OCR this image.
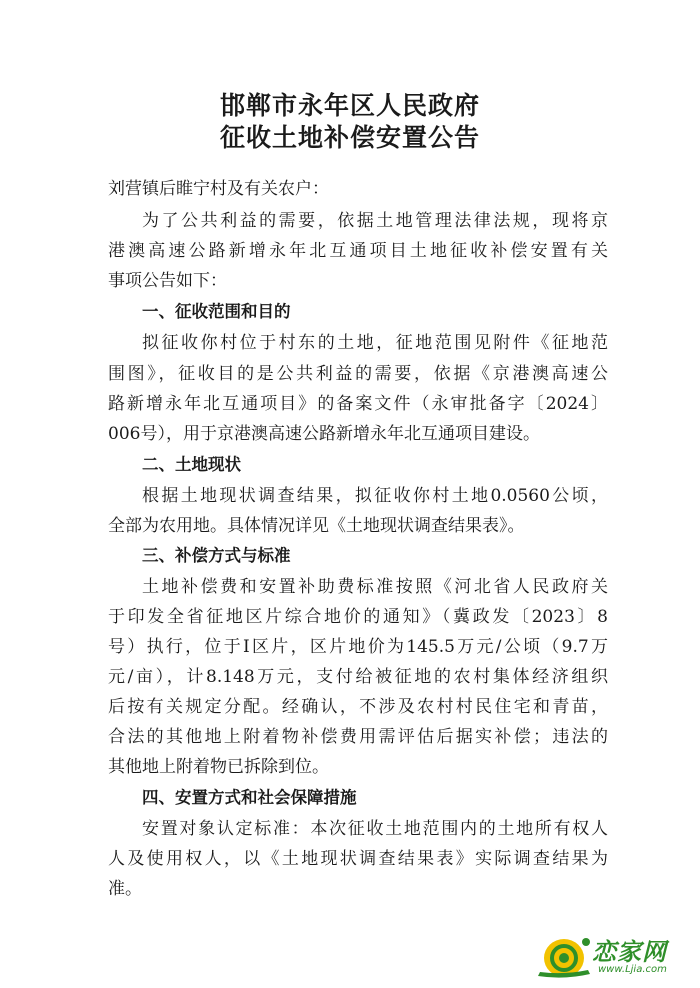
邯郸市永年区人民政府
征收土地补偿安置公告
刘营镇后睢宁村及有关农户：
为了公共利益的需要，依据土地管理法律法规，现将京
港澳高速公路新增永年北互通项目土地征收补偿安置有关
事项公告如下：
一、征收范围和目的
拟征收你村位于村东的土地，征地范围见附件《征地范
围图》，征收目的是公共利益的需要，依据《京港澳高速公
路新增永年北互通项目》的备案文件（永审批备字〔2024〕
006号），用于京港澳高速公路新增永年北互通项目建设。
二、土地现状
根据土地现状调查结果，拟征收你村土地0.0560公顷，
全部为农用地。具体情况详见《土地现状调查结果表》。
三、补偿方式与标准
土地补偿费和安置补助费标准按照《河北省人民政府关
于印发全省征地区片综合地价的通知》（冀政发〔2023〕8
号）执行，位于Ⅰ区片，区片地价为145.5万元/公顷（9.7万
元/亩），计8.148万元，支付给被征地的农村集体经济组织
后按有关规定分配。经确认，不涉及农村村民住宅和青苗，
合法的其他地上附着物补偿费用需评估后据实补偿；违法的
其他地上附着物已拆除到位。
四、安置方式和社会保障措施
安置对象认定标准：本次征收土地范围内的土地所有权人
人及使用权人，以《土地现状调查结果表》实际调查结果为
准。
恋家网
www.Ljia.com
